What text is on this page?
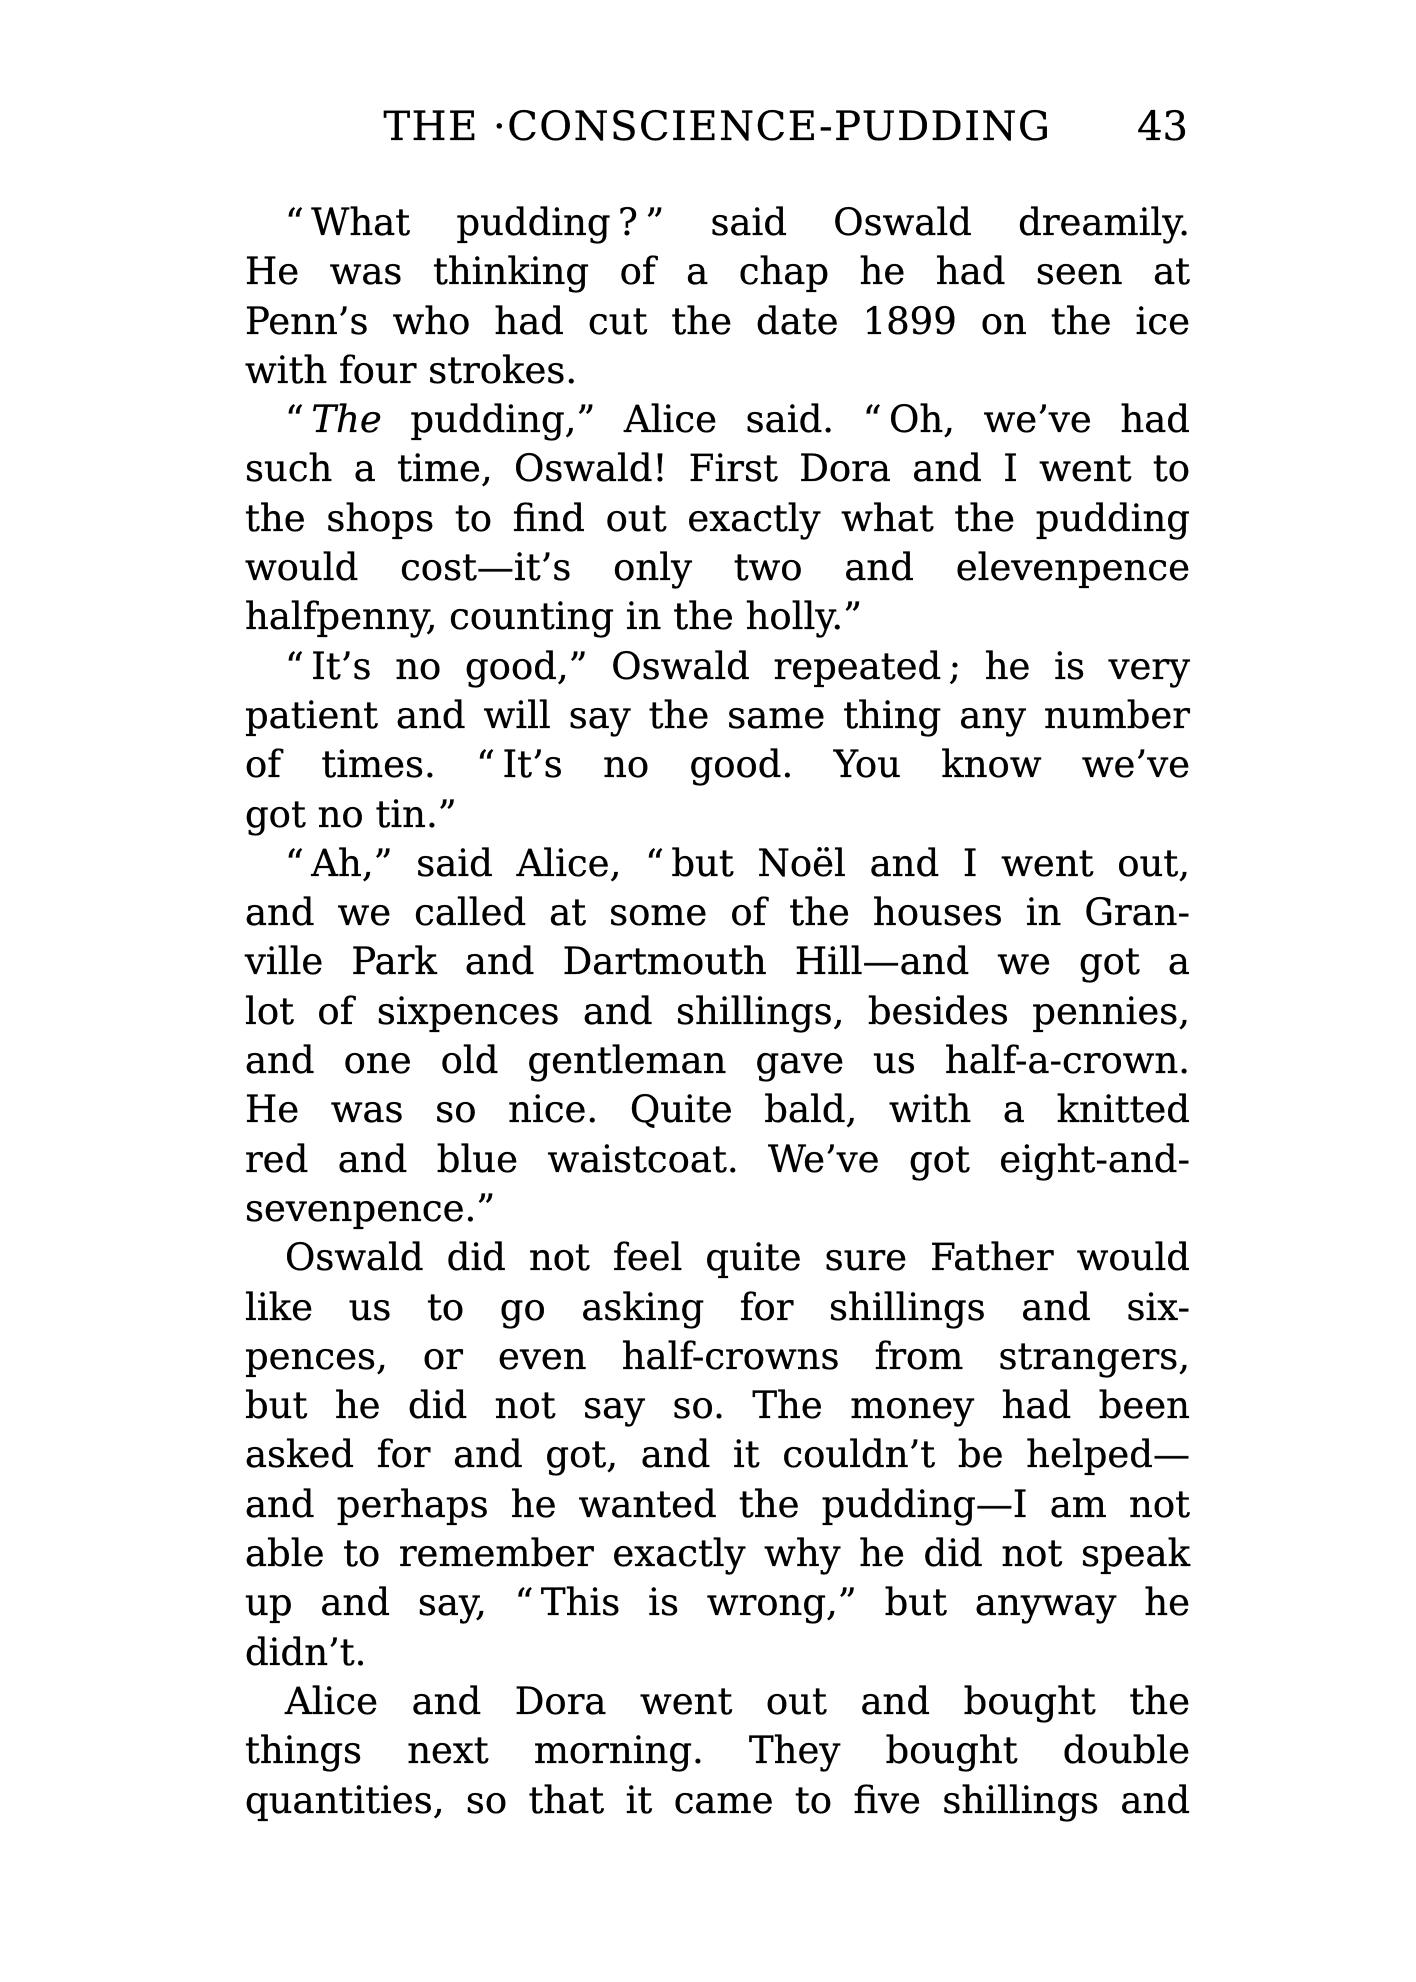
THE ·CONSCIENCE-PUDDING 43
“ What pudding ? ” said Oswald dreamily.
He was thinking of a chap he had seen at
Penn’s who had cut the date 1899 on the ice
with four strokes.
“ The pudding,” Alice said. “ Oh, we’ve had
such a time, Oswald! First Dora and I went to
the shops to find out exactly what the pudding
would cost—it’s only two and elevenpence
halfpenny, counting in the holly.”
“ It’s no good,” Oswald repeated ; he is very
patient and will say the same thing any number
of times. “ It’s no good. You know we’ve
got no tin.”
“ Ah,” said Alice, “ but Noël and I went out,
and we called at some of the houses in Gran-
ville Park and Dartmouth Hill—and we got a
lot of sixpences and shillings, besides pennies,
and one old gentleman gave us half-a-crown.
He was so nice. Quite bald, with a knitted
red and blue waistcoat. We’ve got eight-and-
sevenpence.”
Oswald did not feel quite sure Father would
like us to go asking for shillings and six-
pences, or even half-crowns from strangers,
but he did not say so. The money had been
asked for and got, and it couldn’t be helped—
and perhaps he wanted the pudding—I am not
able to remember exactly why he did not speak
up and say, “ This is wrong,” but anyway he
didn’t.
Alice and Dora went out and bought the
things next morning. They bought double
quantities, so that it came to five shillings and
